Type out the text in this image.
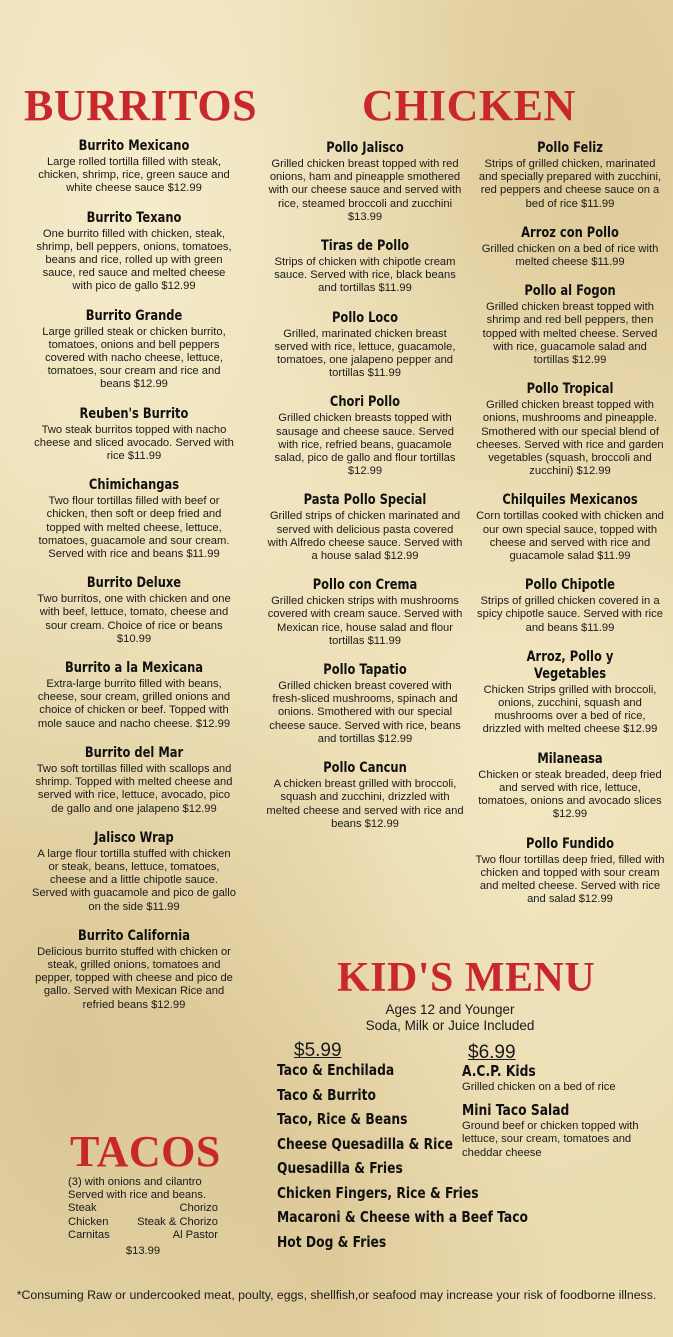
BURRITOS
Burrito Mexicano
Large rolled tortilla filled with steak, chicken, shrimp, rice, green sauce and white cheese sauce $12.99
Burrito Texano
One burrito filled with chicken, steak, shrimp, bell peppers, onions, tomatoes, beans and rice, rolled up with green sauce, red sauce and melted cheese with pico de gallo $12.99
Burrito Grande
Large grilled steak or chicken burrito, tomatoes, onions and bell peppers covered with nacho cheese, lettuce, tomatoes, sour cream and rice and beans $12.99
Reuben's Burrito
Two steak burritos topped with nacho cheese and sliced avocado. Served with rice $11.99
Chimichangas
Two flour tortillas filled with beef or chicken, then soft or deep fried and topped with melted cheese, lettuce, tomatoes, guacamole and sour cream. Served with rice and beans $11.99
Burrito Deluxe
Two burritos, one with chicken and one with beef, lettuce, tomato, cheese and sour cream. Choice of rice or beans $10.99
Burrito a la Mexicana
Extra-large burrito filled with beans, cheese, sour cream, grilled onions and choice of chicken or beef. Topped with mole sauce and nacho cheese. $12.99
Burrito del Mar
Two soft tortillas filled with scallops and shrimp. Topped with melted cheese and served with rice, lettuce, avocado, pico de gallo and one jalapeno $12.99
Jalisco Wrap
A large flour tortilla stuffed with chicken or steak, beans, lettuce, tomatoes, cheese and a little chipotle sauce. Served with guacamole and pico de gallo on the side $11.99
Burrito California
Delicious burrito stuffed with chicken or steak, grilled onions, tomatoes and pepper, topped with cheese and pico de gallo. Served with Mexican Rice and refried beans $12.99
CHICKEN
Pollo Jalisco
Grilled chicken breast topped with red onions, ham and pineapple smothered with our cheese sauce and served with rice, steamed broccoli and zucchini $13.99
Tiras de Pollo
Strips of chicken with chipotle cream sauce. Served with rice, black beans and tortillas $11.99
Pollo Loco
Grilled, marinated chicken breast served with rice, lettuce, guacamole, tomatoes, one jalapeno pepper and tortillas $11.99
Chori Pollo
Grilled chicken breasts topped with sausage and cheese sauce. Served with rice, refried beans, guacamole salad, pico de gallo and flour tortillas $12.99
Pasta Pollo Special
Grilled strips of chicken marinated and served with delicious pasta covered with Alfredo cheese sauce. Served with a house salad $12.99
Pollo con Crema
Grilled chicken strips with mushrooms covered with cream sauce. Served with Mexican rice, house salad and flour tortillas $11.99
Pollo Tapatio
Grilled chicken breast covered with fresh-sliced mushrooms, spinach and onions. Smothered with our special cheese sauce. Served with rice, beans and tortillas $12.99
Pollo Cancun
A chicken breast grilled with broccoli, squash and zucchini, drizzled with melted cheese and served with rice and beans $12.99
Pollo Feliz
Strips of grilled chicken, marinated and specially prepared with zucchini, red peppers and cheese sauce on a bed of rice $11.99
Arroz con Pollo
Grilled chicken on a bed of rice with melted cheese $11.99
Pollo al Fogon
Grilled chicken breast topped with shrimp and red bell peppers, then topped with melted cheese. Served with rice, guacamole salad and tortillas $12.99
Pollo Tropical
Grilled chicken breast topped with onions, mushrooms and pineapple. Smothered with our special blend of cheeses. Served with rice and garden vegetables (squash, broccoli and zucchini) $12.99
Chilquiles Mexicanos
Corn tortillas cooked with chicken and our own special sauce, topped with cheese and served with rice and guacamole salad $11.99
Pollo Chipotle
Strips of grilled chicken covered in a spicy chipotle sauce. Served with rice and beans $11.99
Arroz, Pollo y Vegetables
Chicken Strips grilled with broccoli, onions, zucchini, squash and mushrooms over a bed of rice, drizzled with melted cheese $12.99
Milaneasa
Chicken or steak breaded, deep fried and served with rice, lettuce, tomatoes, onions and avocado slices $12.99
Pollo Fundido
Two flour tortillas deep fried, filled with chicken and topped with sour cream and melted cheese. Served with rice and salad $12.99
TACOS
(3) with onions and cilantro
Served with rice and beans.
Steak	Chorizo
Chicken	Steak & Chorizo
Carnitas	Al Pastor
$13.99
KID'S MENU
Ages 12 and Younger
Soda, Milk or Juice Included
$5.99
Taco & Enchilada
Taco & Burrito
Taco, Rice & Beans
Cheese Quesadilla & Rice
Quesadilla & Fries
Chicken Fingers, Rice & Fries
Macaroni & Cheese with a Beef Taco
Hot Dog & Fries
$6.99
A.C.P. Kids
Grilled chicken on a bed of rice
Mini Taco Salad
Ground beef or chicken topped with lettuce, sour cream, tomatoes and cheddar cheese
*Consuming Raw or undercooked meat, poulty, eggs, shellfish,or seafood may increase your risk of foodborne illness.
